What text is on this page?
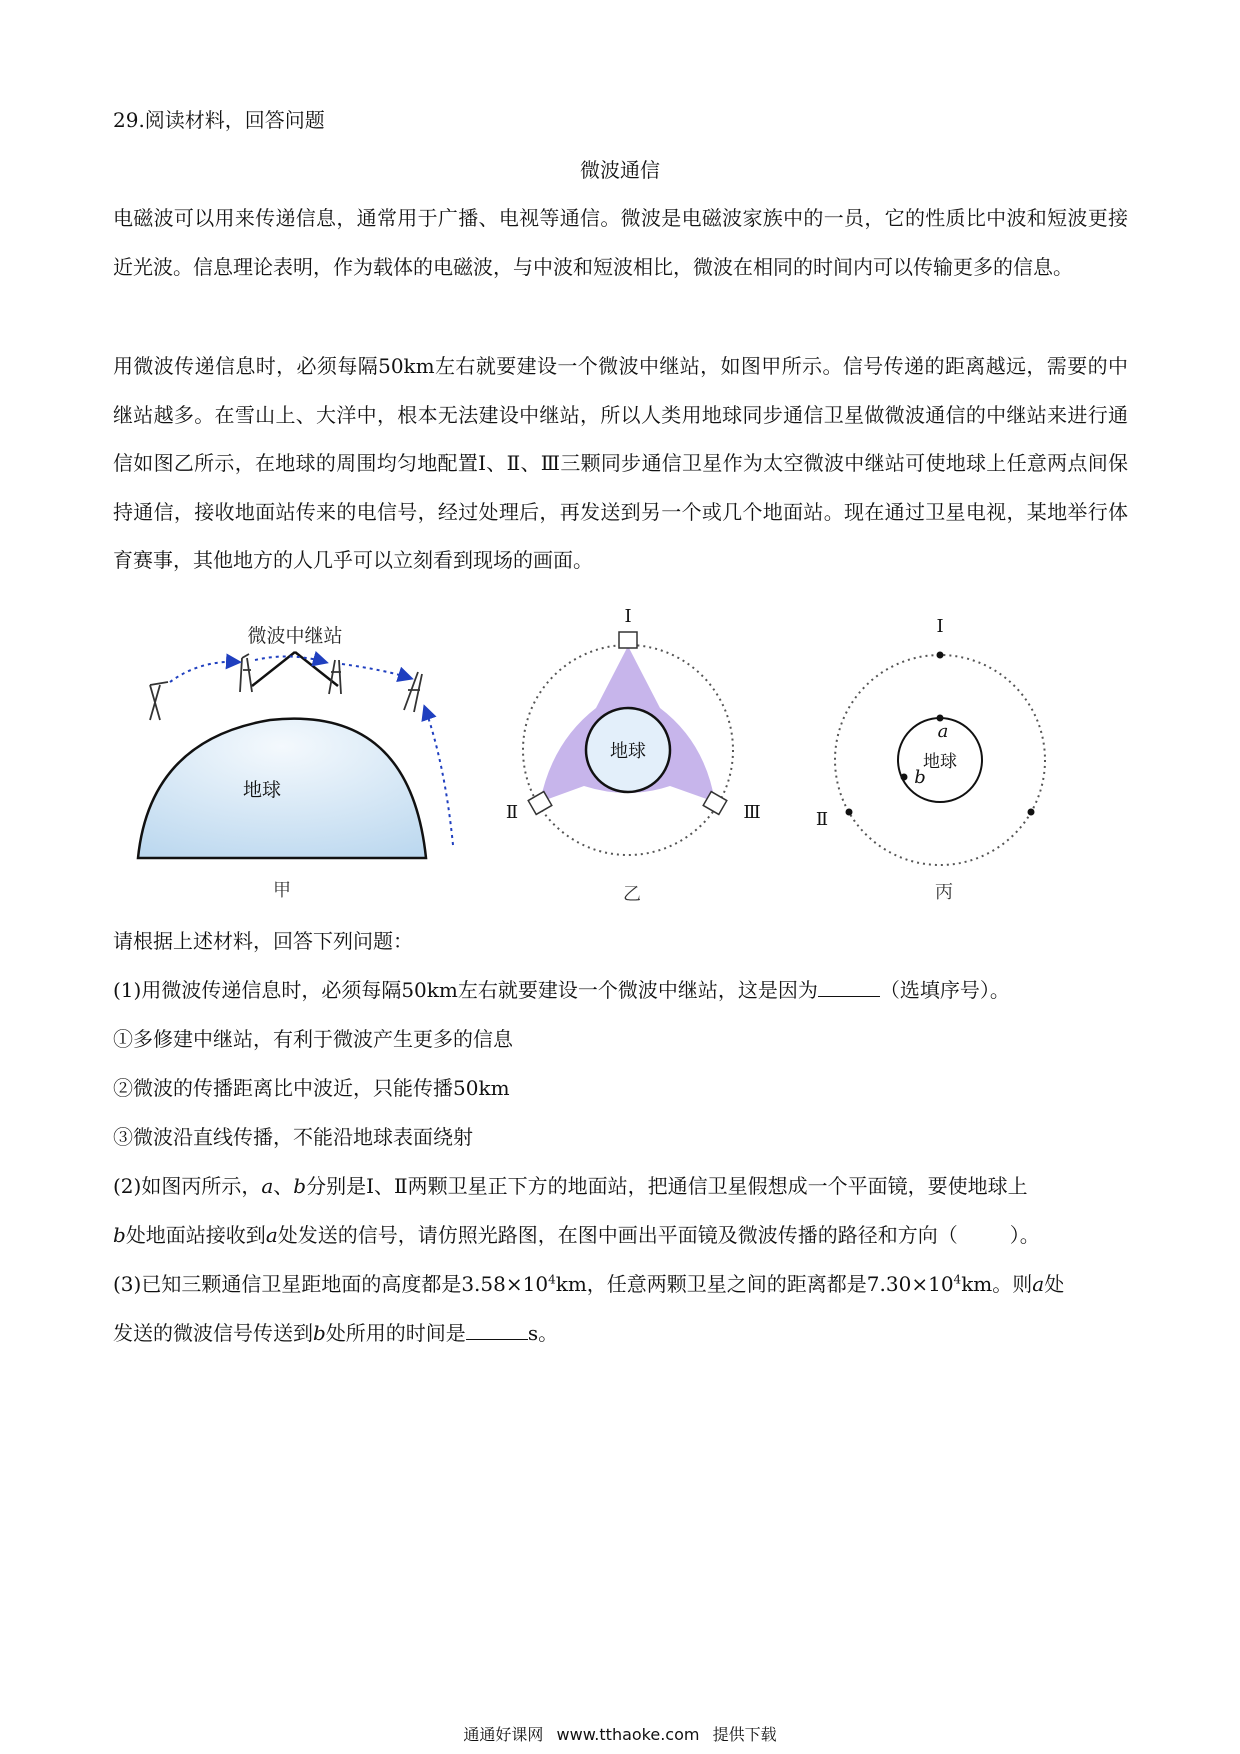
29.阅读材料，回答问题
微波通信

电磁波可以用来传递信息，通常用于广播、电视等通信。微波是电磁波家族中的一员，它的性质比中波和短波更接近光波。信息理论表明，作为载体的电磁波，与中波和短波相比，微波在相同的时间内可以传输更多的信息。

用微波传递信息时，必须每隔50km左右就要建设一个微波中继站，如图甲所示。信号传递的距离越远，需要的中继站越多。在雪山上、大洋中，根本无法建设中继站，所以人类用地球同步通信卫星做微波通信的中继站来进行通信如图乙所示，在地球的周围均匀地配置Ⅰ、Ⅱ、Ⅲ三颗同步通信卫星作为太空微波中继站可使地球上任意两点间保持通信，接收地面站传来的电信号，经过处理后，再发送到另一个或几个地面站。现在通过卫星电视，某地举行体育赛事，其他地方的人几乎可以立刻看到现场的画面。

地球
微波中继站
甲
地球
Ⅰ
Ⅱ	Ⅲ
乙
地球
a
b
Ⅰ
Ⅱ
丙
请根据上述材料，回答下列问题：
(1)用微波传递信息时，必须每隔50km左右就要建设一个微波中继站，这是因为	（选填序号）。
①多修建中继站，有利于微波产生更多的信息
②微波的传播距离比中波近，只能传播50km
③微波沿直线传播，不能沿地球表面绕射
(2)如图丙所示，a、b分别是Ⅰ、Ⅱ两颗卫星正下方的地面站，把通信卫星假想成一个平面镜，要使地球上
b处地面站接收到a处发送的信号，请仿照光路图，在图中画出平面镜及微波传播的路径和方向（	）。
(3)已知三颗通信卫星距地面的高度都是$3.58\times 10^4km$，任意两颗卫星之间的距离都是$7.30\times 10^4km$。则a处
发送的微波信号传送到b处所用的时间是	s。
通通好课网 www.tthaoke.com 提供下载
